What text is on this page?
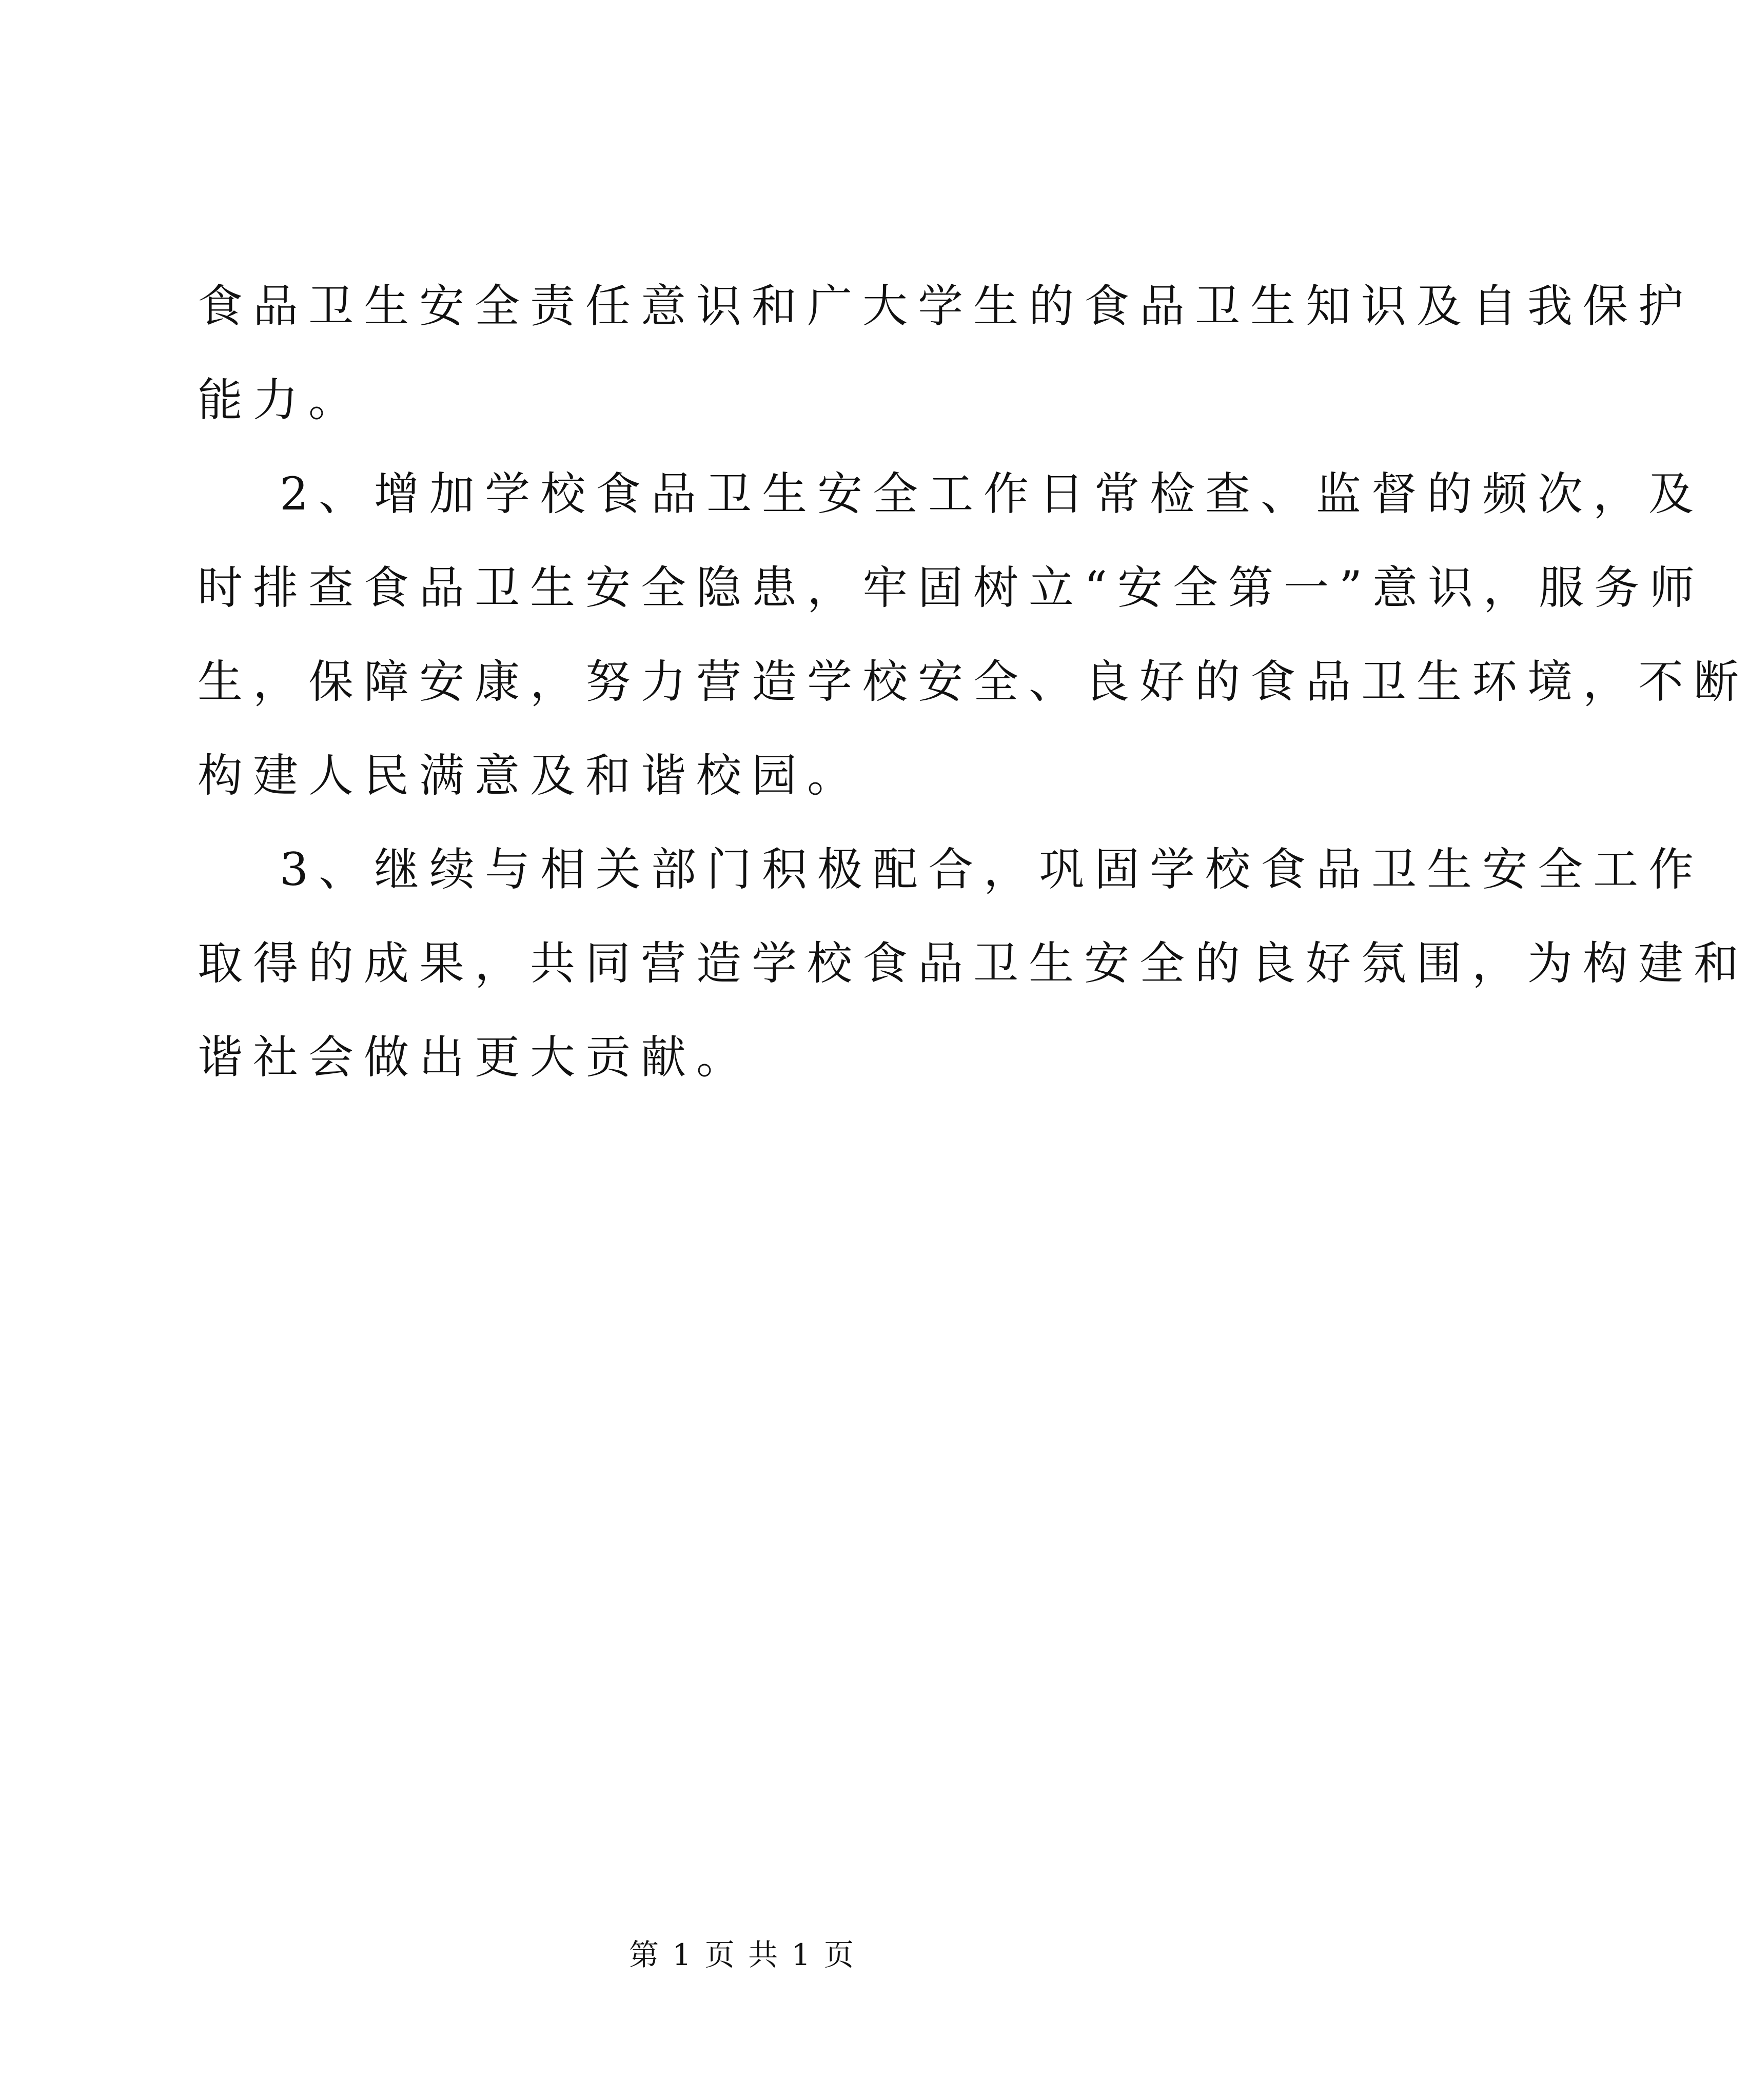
食品卫生安全责任意识和广大学生的食品卫生知识及自我保护
能力。
2、增加学校食品卫生安全工作日常检查、监督的频次，及
时排查食品卫生安全隐患，牢固树立“安全第一”意识，服务师
生，保障安康，努力营造学校安全、良好的食品卫生环境，不断
构建人民满意及和谐校园。
3、继续与相关部门积极配合，巩固学校食品卫生安全工作
取得的成果，共同营造学校食品卫生安全的良好氛围，为构建和
谐社会做出更大贡献。
第 1 页 共 1 页
